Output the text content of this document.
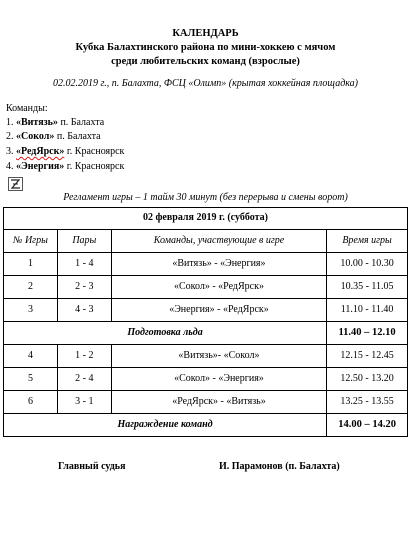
КАЛЕНДАРЬ
Кубка Балахтинского района по мини-хоккею с мячом
среди любительских команд (взрослые)
02.02.2019 г., п. Балахта, ФСЦ «Олимп» (крытая хоккейная площадка)
Команды:
1. «Витязь» п. Балахта
2. «Сокол» п. Балахта
3. «РедЯрск» г. Красноярск
4. «Энергия» г. Красноярск
Регламент игры – 1 тайм 30 минут (без перерыва и смены ворот)
02 февраля 2019 г. (суббота)			
№ Игры	Пары	Команды, участвующие в игре	Время игры
1	1 - 4	«Витязь» - «Энергия»	10.00 - 10.30
2	2 - 3	«Сокол» - «РедЯрск»	10.35 - 11.05
3	4 - 3	«Энергия» - «РедЯрск»	11.10 - 11.40
Подготовка льда			11.40 – 12.10
4	1 - 2	«Витязь»- «Сокол»	12.15 - 12.45
5	2 - 4	«Сокол» - «Энергия»	12.50 - 13.20
6	3 - 1	«РедЯрск» - «Витязь»	13.25 - 13.55
Награждение команд			14.00 – 14.20
Главный судья	И. Парамонов (п. Балахта)
